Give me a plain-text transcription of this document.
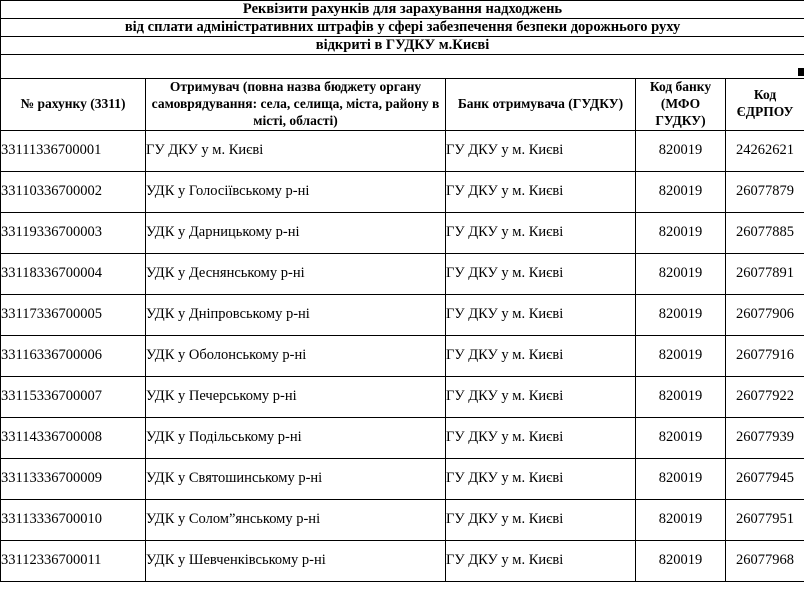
Реквізити рахунків для зарахування надходжень				
від сплати адміністративних штрафів у сфері забезпечення безпеки дорожнього руху				
відкриті в ГУДКУ м.Києві				

№ рахунку (3311)	Отримувач (повна назва бюджету органу самоврядування: села, селища, міста, району в місті, області)	Банк отримувача (ГУДКУ)	Код банку (МФО ГУДКУ)	Код ЄДРПОУ
33111336700001	ГУ ДКУ у м. Києві	ГУ ДКУ у м. Києві	820019	24262621
33110336700002	УДК у Голосіївському р-ні	ГУ ДКУ у м. Києві	820019	26077879
33119336700003	УДК у Дарницькому р-ні	ГУ ДКУ у м. Києві	820019	26077885
33118336700004	УДК у Деснянському р-ні	ГУ ДКУ у м. Києві	820019	26077891
33117336700005	УДК у Дніпровському р-ні	ГУ ДКУ у м. Києві	820019	26077906
33116336700006	УДК у Оболонському р-ні	ГУ ДКУ у м. Києві	820019	26077916
33115336700007	УДК у Печерському р-ні	ГУ ДКУ у м. Києві	820019	26077922
33114336700008	УДК у Подільському р-ні	ГУ ДКУ у м. Києві	820019	26077939
33113336700009	УДК у Святошинському р-ні	ГУ ДКУ у м. Києві	820019	26077945
33113336700010	УДК у Солом”янському р-ні	ГУ ДКУ у м. Києві	820019	26077951
33112336700011	УДК у Шевченківському р-ні	ГУ ДКУ у м. Києві	820019	26077968
